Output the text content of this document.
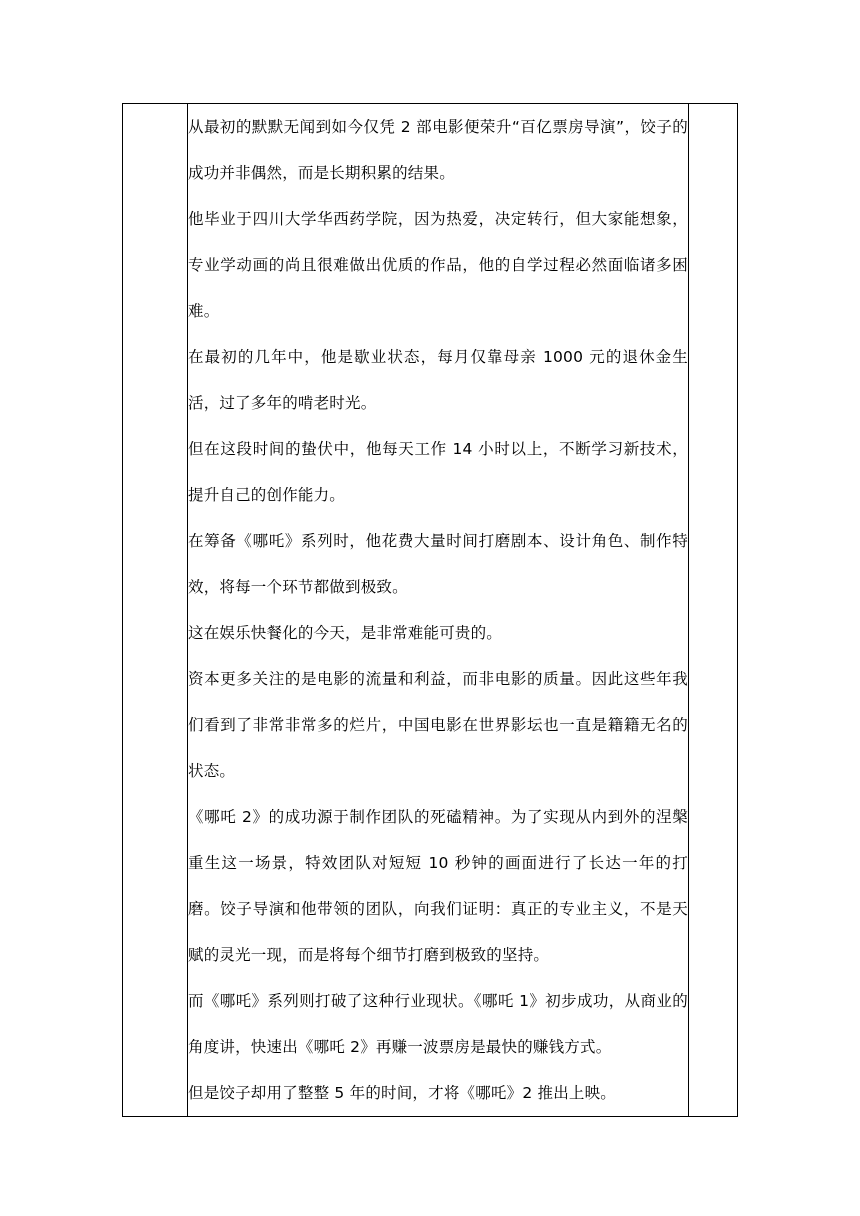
从最初的默默无闻到如今仅凭 2 部电影便荣升“百亿票房导演”，饺子的成功并非偶然，而是长期积累的结果。

他毕业于四川大学华西药学院，因为热爱，决定转行，但大家能想象，专业学动画的尚且很难做出优质的作品，他的自学过程必然面临诸多困难。

在最初的几年中，他是歇业状态，每月仅靠母亲 1000 元的退休金生活，过了多年的啃老时光。

但在这段时间的蛰伏中，他每天工作 14 小时以上，不断学习新技术，提升自己的创作能力。

在筹备《哪吒》系列时，他花费大量时间打磨剧本、设计角色、制作特效，将每一个环节都做到极致。

这在娱乐快餐化的今天，是非常难能可贵的。

资本更多关注的是电影的流量和利益，而非电影的质量。因此这些年我们看到了非常非常多的烂片，中国电影在世界影坛也一直是籍籍无名的状态。

《哪吒 2》的成功源于制作团队的死磕精神。为了实现从内到外的涅槃重生这一场景，特效团队对短短 10 秒钟的画面进行了长达一年的打磨。饺子导演和他带领的团队，向我们证明：真正的专业主义，不是天赋的灵光一现，而是将每个细节打磨到极致的坚持。

而《哪吒》系列则打破了这种行业现状。《哪吒 1》初步成功，从商业的角度讲，快速出《哪吒 2》再赚一波票房是最快的赚钱方式。

但是饺子却用了整整 5 年的时间，才将《哪吒》2 推出上映。
